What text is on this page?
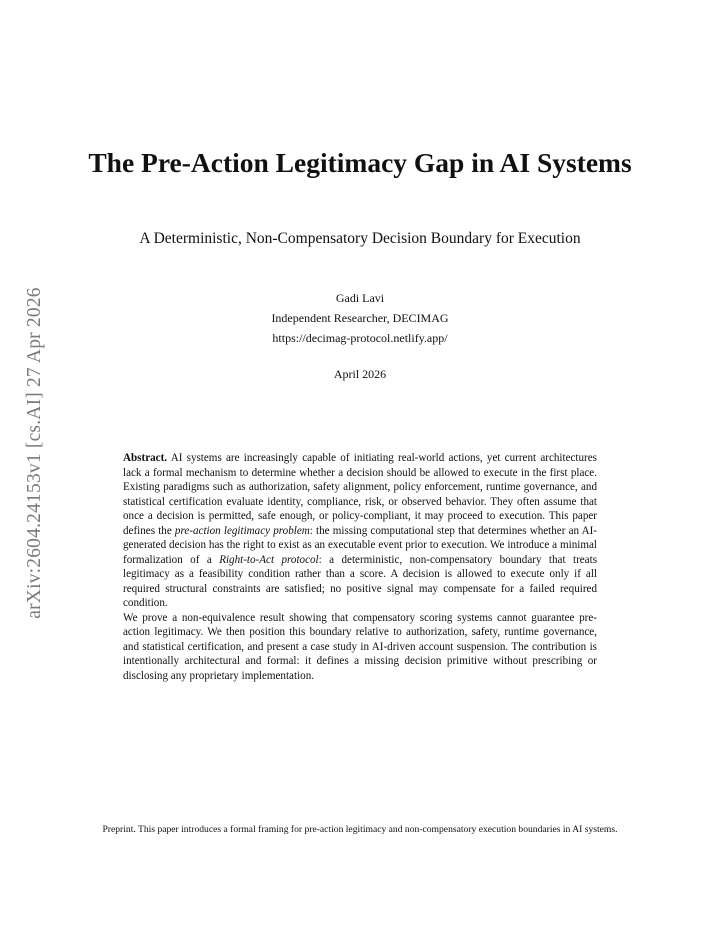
arXiv:2604.24153v1 [cs.AI] 27 Apr 2026
The Pre-Action Legitimacy Gap in AI Systems
A Deterministic, Non-Compensatory Decision Boundary for Execution
Gadi Lavi
Independent Researcher, DECIMAG
https://decimag-protocol.netlify.app/
April 2026

Abstract. AI systems are increasingly capable of initiating real-world actions, yet current architectures lack a formal mechanism to determine whether a decision should be allowed to execute in the first place. Existing paradigms such as authorization, safety alignment, policy enforcement, runtime governance, and statistical certification evaluate identity, compliance, risk, or observed behavior. They often assume that once a decision is permitted, safe enough, or policy-compliant, it may proceed to execution. This paper defines the pre-action legitimacy problem: the missing computational step that determines whether an AI-generated decision has the right to exist as an executable event prior to execution. We introduce a minimal formalization of a Right-to-Act protocol: a deterministic, non-compensatory boundary that treats legitimacy as a feasibility condition rather than a score. A decision is allowed to execute only if all required structural constraints are satisfied; no positive signal may compensate for a failed required condition.

We prove a non-equivalence result showing that compensatory scoring systems cannot guarantee pre-action legitimacy. We then position this boundary relative to authorization, safety, runtime governance, and statistical certification, and present a case study in AI-driven account suspension. The contribution is intentionally architectural and formal: it defines a missing decision primitive without prescribing or disclosing any proprietary implementation.

Preprint. This paper introduces a formal framing for pre-action legitimacy and non-compensatory execution boundaries in AI systems.
